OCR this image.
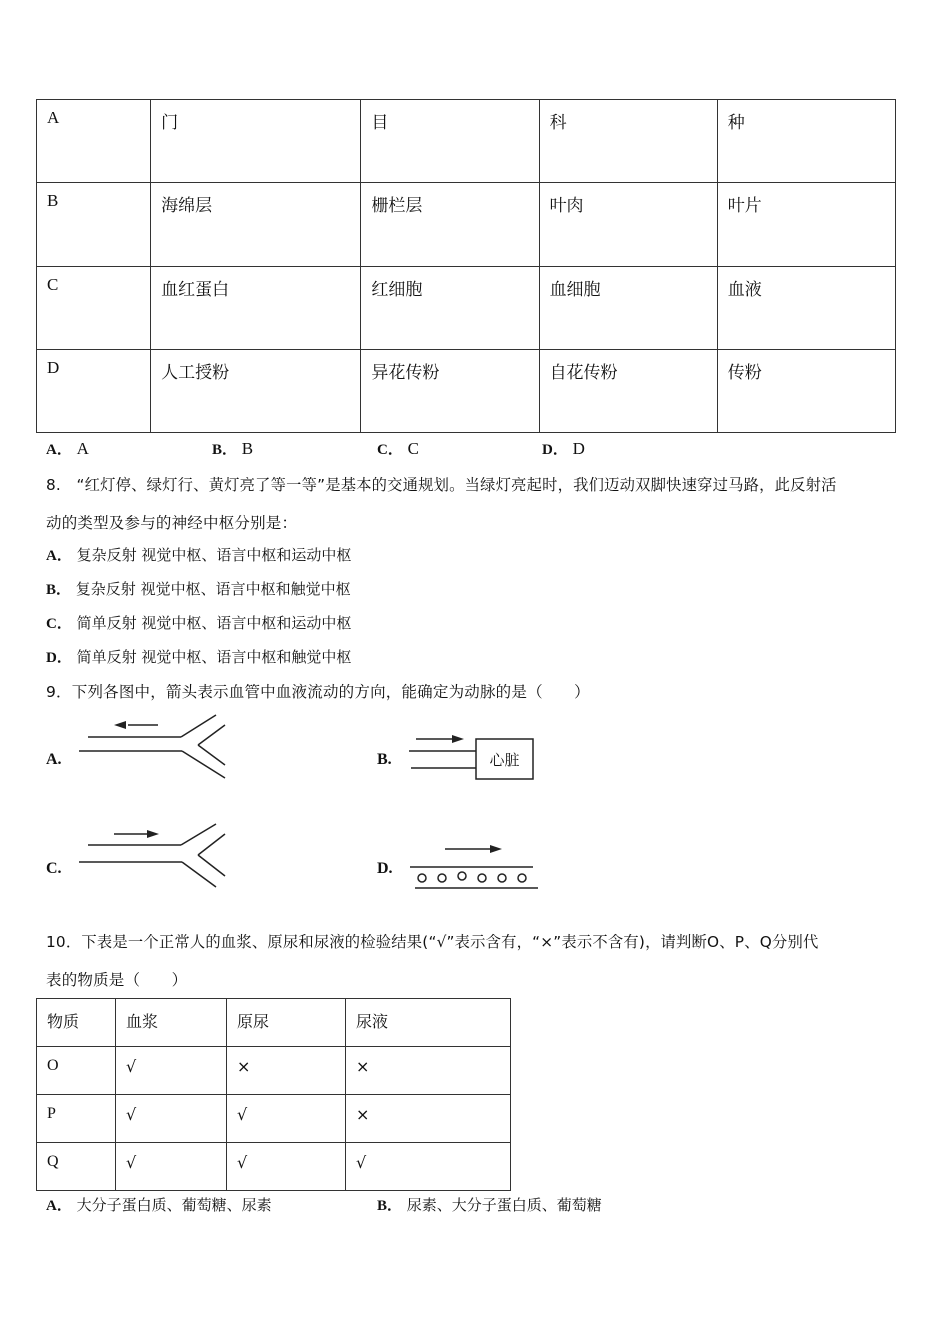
A	门	目	科	种
B	海绵层	栅栏层	叶肉	叶片
C	血红蛋白	红细胞	血细胞	血液
D	人工授粉	异花传粉	自花传粉	传粉
A． A	B． B	C． C	D． D
8.　“红灯停、绿灯行、黄灯亮了等一等”是基本的交通规划。当绿灯亮起时，我们迈动双脚快速穿过马路，此反射活
动的类型及参与的神经中枢分别是：
A． 复杂反射 视觉中枢、语言中枢和运动中枢
B． 复杂反射 视觉中枢、语言中枢和触觉中枢
C． 简单反射 视觉中枢、语言中枢和运动中枢
D． 简单反射 视觉中枢、语言中枢和触觉中枢
9．下列各图中，箭头表示血管中血液流动的方向，能确定为动脉的是（　　）
A.	心脏
B.
C.	D.
10．下表是一个正常人的血浆、原尿和尿液的检验结果(“√”表示含有，“×”表示不含有)，请判断O、P、Q分别代
表的物质是（　　）
物质	血浆	原尿	尿液
O	√	×	×
P	√	√	×
Q	√	√	√
A． 大分子蛋白质、葡萄糖、尿素	B． 尿素、大分子蛋白质、葡萄糖
